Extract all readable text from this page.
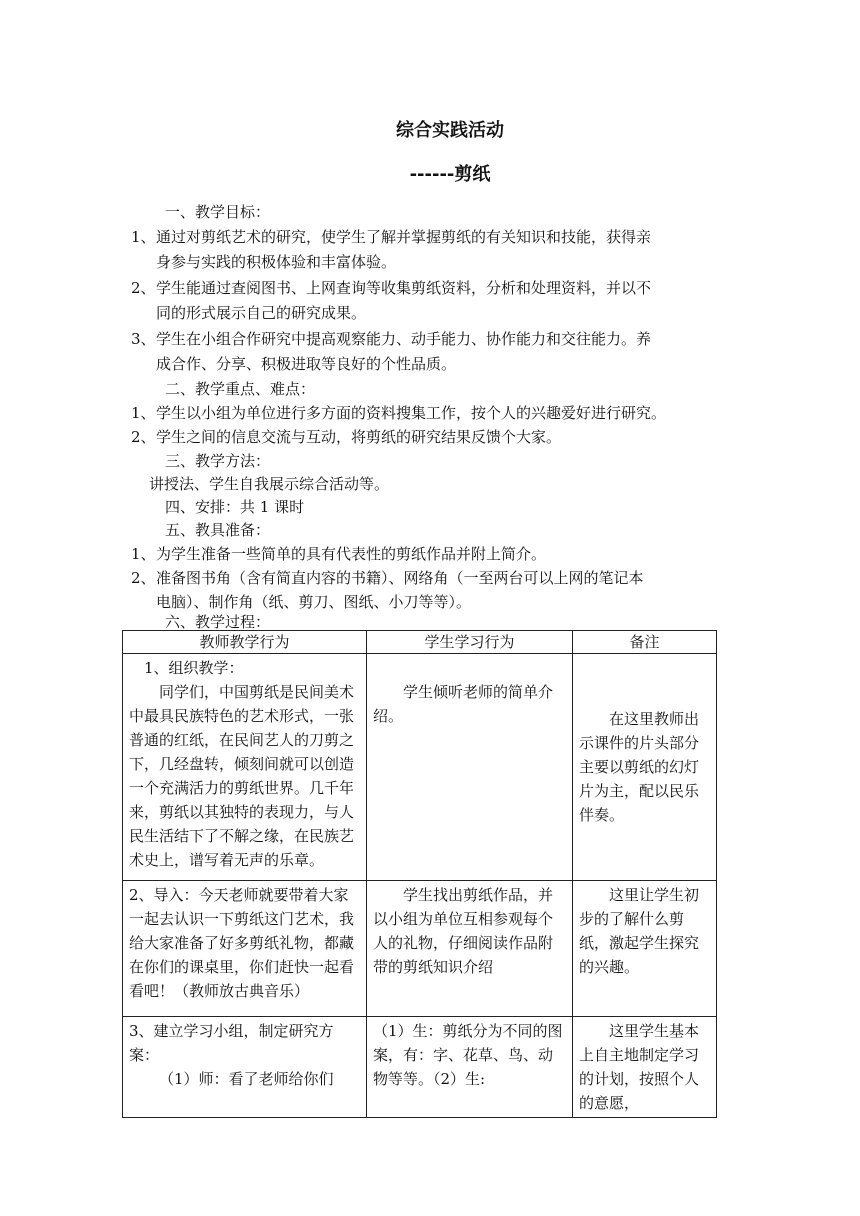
综合实践活动
------剪纸
一、教学目标：
1、 通过对剪纸艺术的研究，使学生了解并掌握剪纸的有关知识和技能，获得亲
身参与实践的积极体验和丰富体验。
2、 学生能通过查阅图书、上网查询等收集剪纸资料，分析和处理资料，并以不
同的形式展示自己的研究成果。
3、 学生在小组合作研究中提高观察能力、动手能力、协作能力和交往能力。养
成合作、分享、积极进取等良好的个性品质。
二、教学重点、难点：
1、 学生以小组为单位进行多方面的资料搜集工作，按个人的兴趣爱好进行研究。
2、 学生之间的信息交流与互动，将剪纸的研究结果反馈个大家。
三、教学方法：
讲授法、学生自我展示综合活动等。
四、安排：共 1 课时
五、教具准备：
1、 为学生准备一些简单的具有代表性的剪纸作品并附上简介。
2、 准备图书角（含有简直内容的书籍）、网络角（一至两台可以上网的笔记本
电脑）、制作角（纸、剪刀、图纸、小刀等等）。
六、教学过程：
教师教学行为	学生学习行为	备注

1、组织教学：
同学们，中国剪纸是民间美术中最具民族特色的艺术形式，一张普通的红纸，在民间艺人的刀剪之下，几经盘转，倾刻间就可以创造一个充满活力的剪纸世界。几千年来，剪纸以其独特的表现力，与人民生活结下了不解之缘，在民族艺术史上，谱写着无声的乐章。	学生倾听老师的简单介绍。	在这里教师出示课件的片头部分主要以剪纸的幻灯片为主，配以民乐伴奏。

2、导入：今天老师就要带着大家一起去认识一下剪纸这门艺术，我给大家准备了好多剪纸礼物，都藏在你们的课桌里，你们赶快一起看看吧！（教师放古典音乐）	学生找出剪纸作品，并以小组为单位互相参观每个人的礼物，仔细阅读作品附带的剪纸知识介绍	这里让学生初步的了解什么剪纸，激起学生探究的兴趣。

3、建立学习小组，制定研究方案：
（1）师：看了老师给你们	（1）生：剪纸分为不同的图案，有：字、花草、鸟、动物等等。（2）生:	这里学生基本上自主地制定学习的计划，按照个人的意愿，
